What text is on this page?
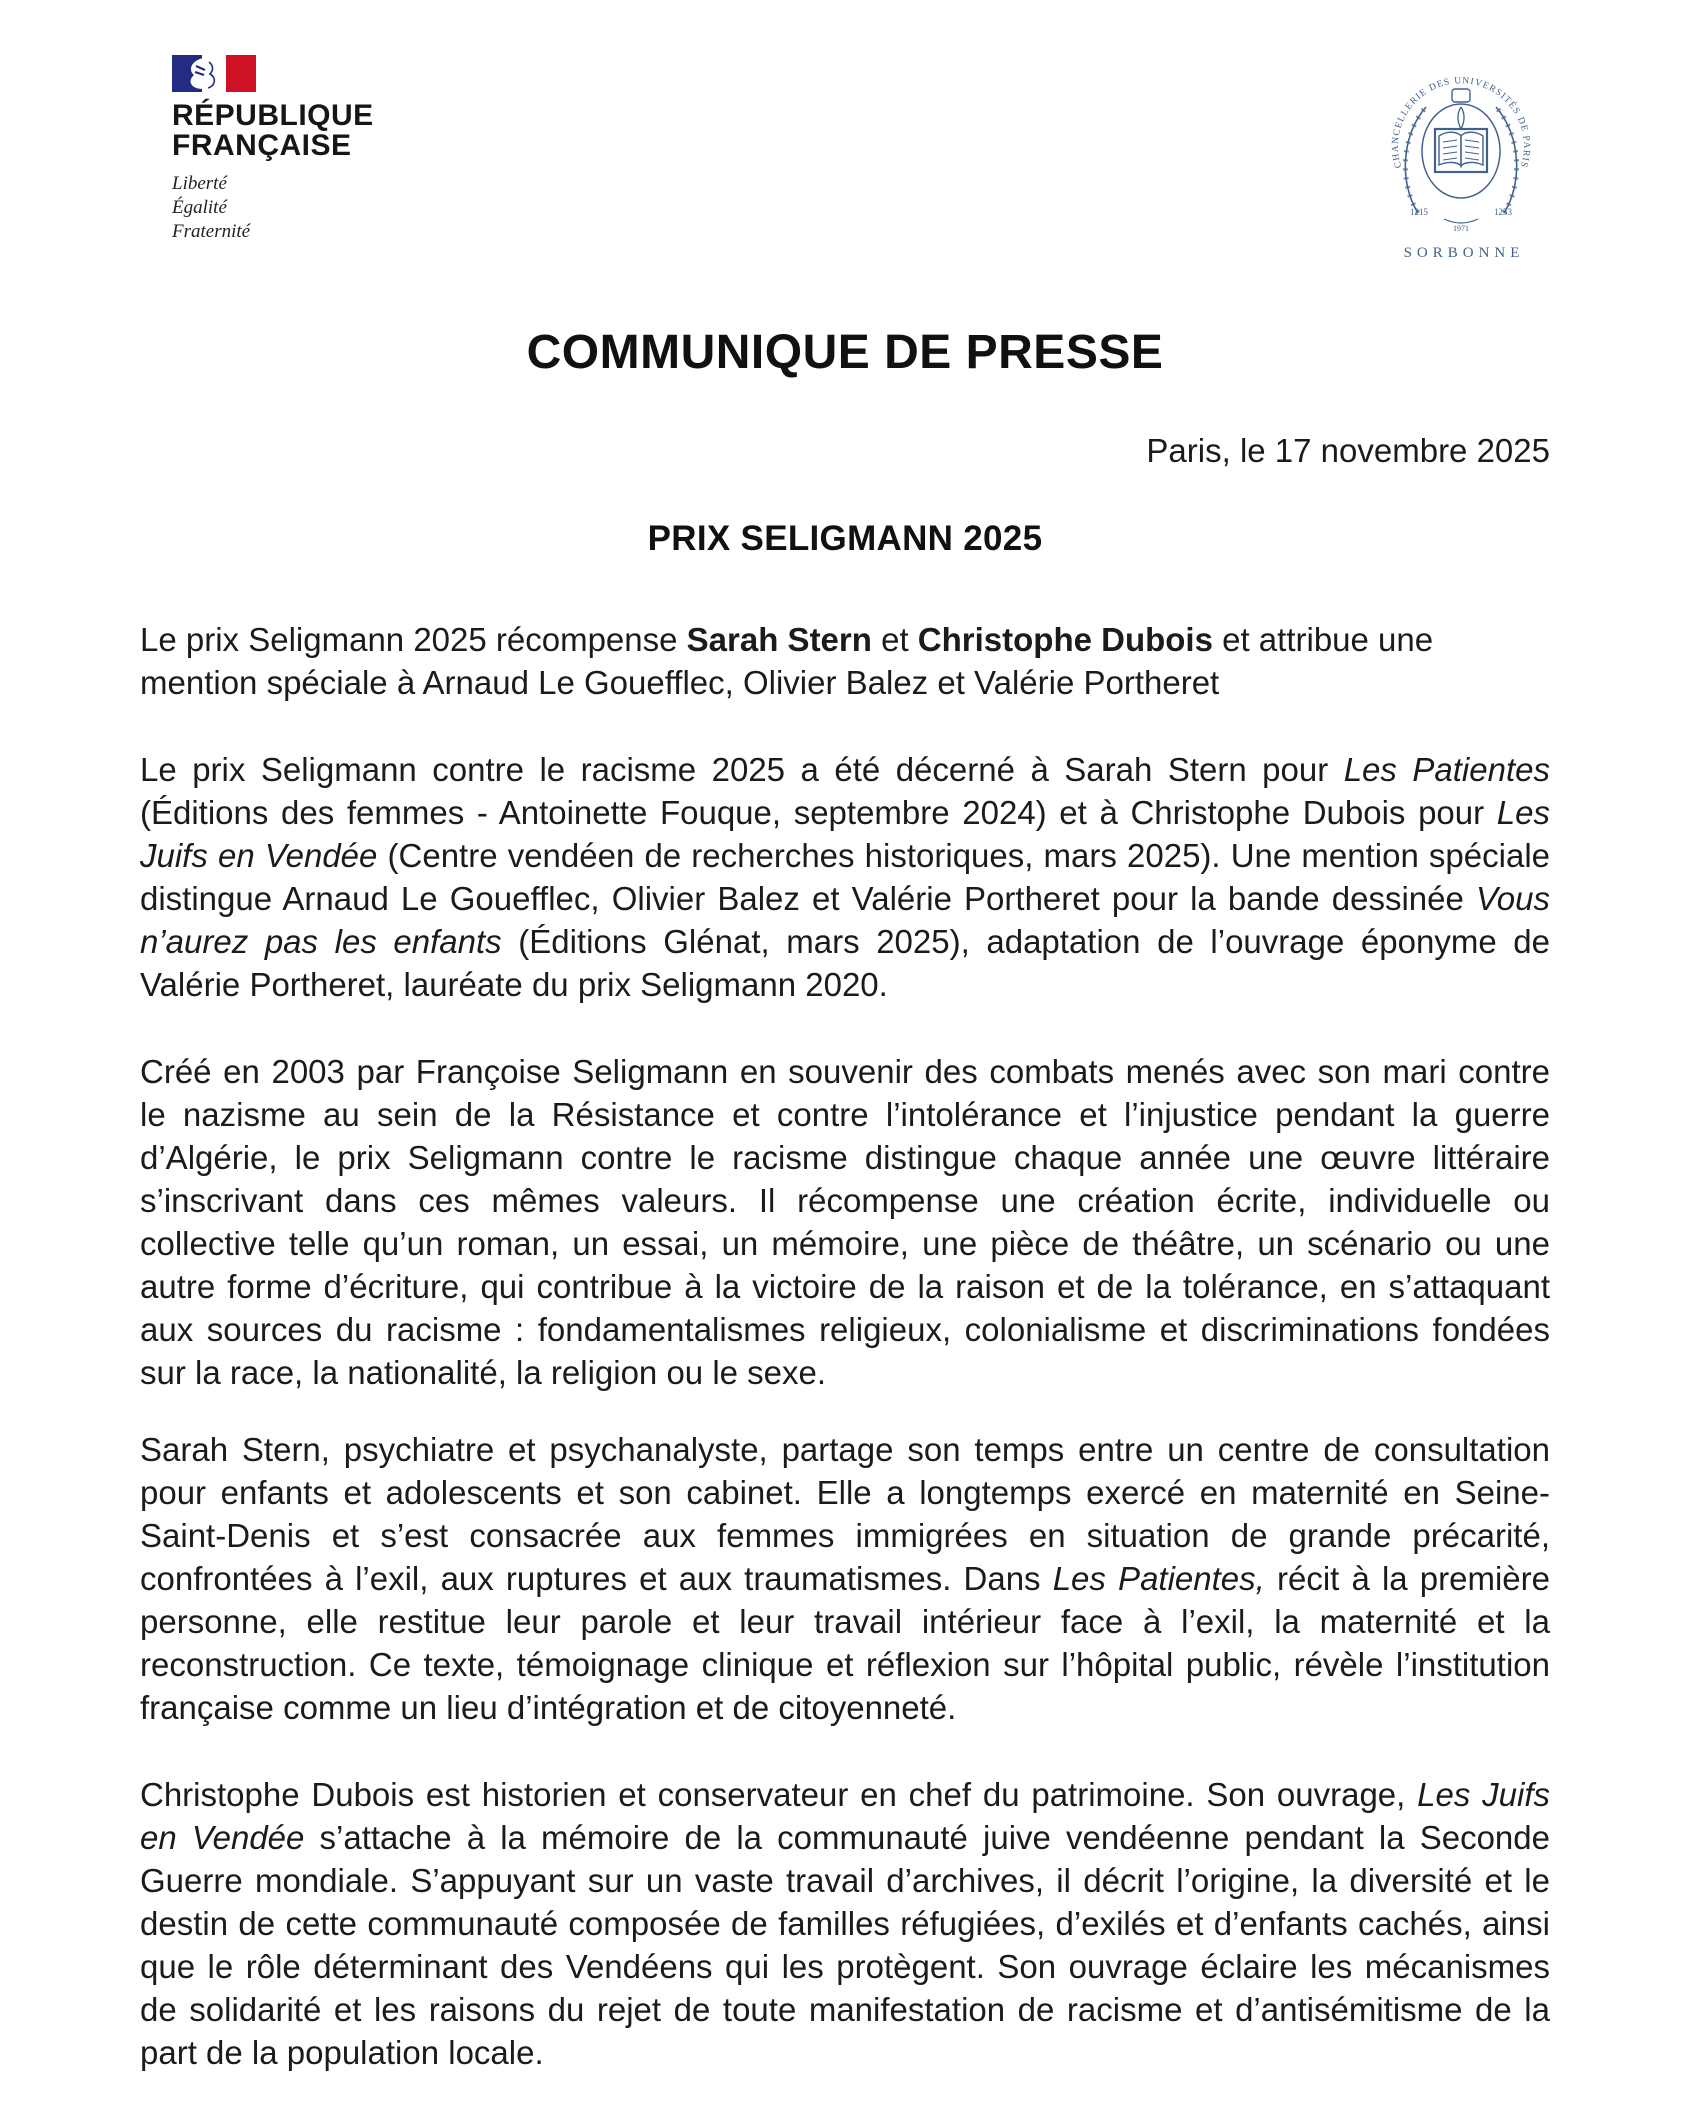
RÉPUBLIQUE
FRANÇAISE
Liberté
Égalité
Fraternité
CHANCELLERIE DES UNIVERSITÉS DE PARIS
1215	1253
1971
SORBONNE
COMMUNIQUE DE PRESSE
Paris, le 17 novembre 2025
PRIX SELIGMANN 2025

Le prix Seligmann 2025 récompense Sarah Stern et Christophe Dubois et attribue une mention spéciale à Arnaud Le Gouefflec, Olivier Balez et Valérie Portheret

Le prix Seligmann contre le racisme 2025 a été décerné à Sarah Stern pour Les Patientes (Éditions des femmes - Antoinette Fouque, septembre 2024) et à Christophe Dubois pour Les Juifs en Vendée (Centre vendéen de recherches historiques, mars 2025). Une mention spéciale distingue Arnaud Le Gouefflec, Olivier Balez et Valérie Portheret pour la bande dessinée Vous n’aurez pas les enfants (Éditions Glénat, mars 2025), adaptation de l’ouvrage éponyme de Valérie Portheret, lauréate du prix Seligmann 2020.

Créé en 2003 par Françoise Seligmann en souvenir des combats menés avec son mari contre le nazisme au sein de la Résistance et contre l’intolérance et l’injustice pendant la guerre d’Algérie, le prix Seligmann contre le racisme distingue chaque année une œuvre littéraire s’inscrivant dans ces mêmes valeurs. Il récompense une création écrite, individuelle ou collective telle qu’un roman, un essai, un mémoire, une pièce de théâtre, un scénario ou une autre forme d’écriture, qui contribue à la victoire de la raison et de la tolérance, en s’attaquant aux sources du racisme : fondamentalismes religieux, colonialisme et discriminations fondées sur la race, la nationalité, la religion ou le sexe.

Sarah Stern, psychiatre et psychanalyste, partage son temps entre un centre de consultation pour enfants et adolescents et son cabinet. Elle a longtemps exercé en maternité en Seine-Saint-Denis et s’est consacrée aux femmes immigrées en situation de grande précarité, confrontées à l’exil, aux ruptures et aux traumatismes. Dans Les Patientes, récit à la première personne, elle restitue leur parole et leur travail intérieur face à l’exil, la maternité et la reconstruction. Ce texte, témoignage clinique et réflexion sur l’hôpital public, révèle l’institution française comme un lieu d’intégration et de citoyenneté.

Christophe Dubois est historien et conservateur en chef du patrimoine. Son ouvrage, Les Juifs en Vendée s’attache à la mémoire de la communauté juive vendéenne pendant la Seconde Guerre mondiale. S’appuyant sur un vaste travail d’archives, il décrit l’origine, la diversité et le destin de cette communauté composée de familles réfugiées, d’exilés et d’enfants cachés, ainsi que le rôle déterminant des Vendéens qui les protègent. Son ouvrage éclaire les mécanismes de solidarité et les raisons du rejet de toute manifestation de racisme et d’antisémitisme de la part de la population locale.
